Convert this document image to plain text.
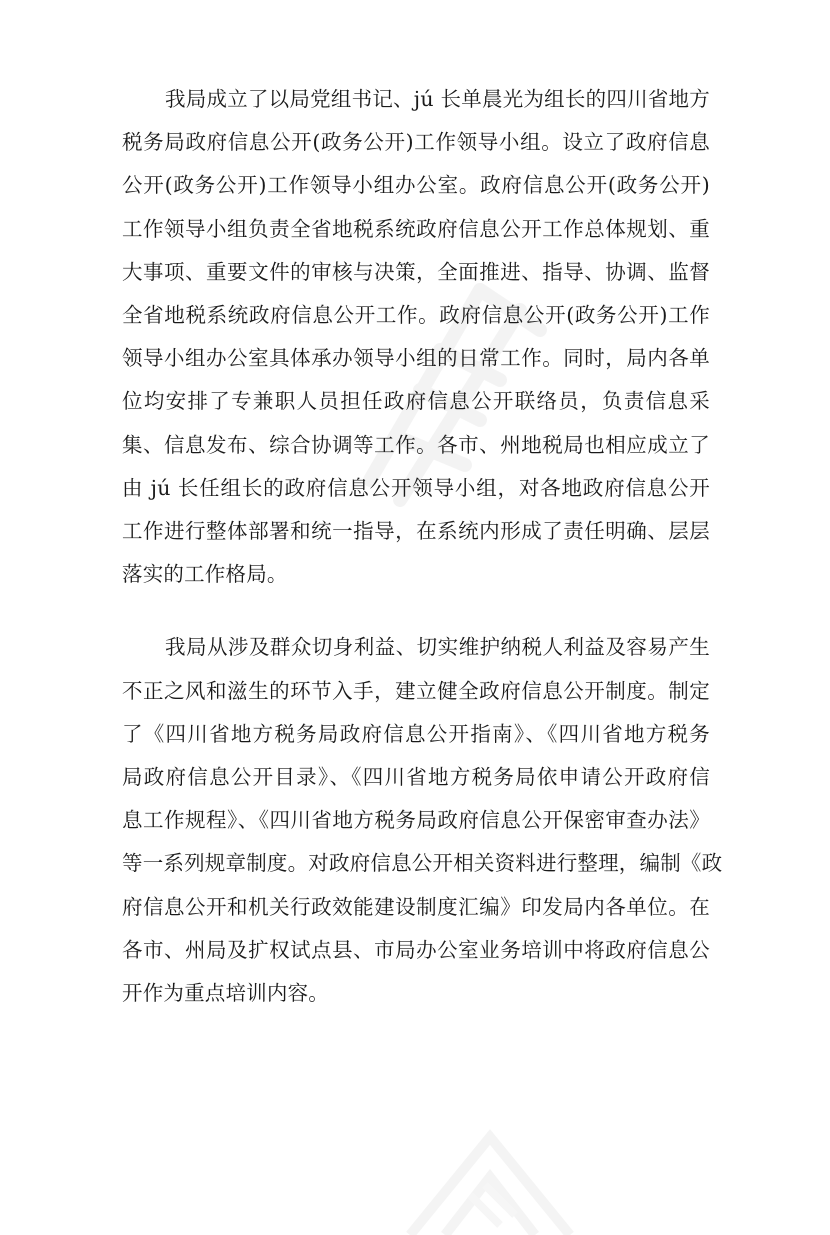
我局成立了以局党组书记、jú 长单晨光为组长的四川省地方
税务局政府信息公开(政务公开)工作领导小组。设立了政府信息
公开(政务公开)工作领导小组办公室。政府信息公开(政务公开)
工作领导小组负责全省地税系统政府信息公开工作总体规划、重
大事项、重要文件的审核与决策，全面推进、指导、协调、监督
全省地税系统政府信息公开工作。政府信息公开(政务公开)工作
领导小组办公室具体承办领导小组的日常工作。同时，局内各单
位均安排了专兼职人员担任政府信息公开联络员，负责信息采
集、信息发布、综合协调等工作。各市、州地税局也相应成立了
由 jú 长任组长的政府信息公开领导小组，对各地政府信息公开
工作进行整体部署和统一指导，在系统内形成了责任明确、层层
落实的工作格局。
我局从涉及群众切身利益、切实维护纳税人利益及容易产生
不正之风和滋生的环节入手，建立健全政府信息公开制度。制定
了《四川省地方税务局政府信息公开指南》、《四川省地方税务
局政府信息公开目录》、《四川省地方税务局依申请公开政府信
息工作规程》、《四川省地方税务局政府信息公开保密审查办法》
等一系列规章制度。对政府信息公开相关资料进行整理，编制《政
府信息公开和机关行政效能建设制度汇编》印发局内各单位。在
各市、州局及扩权试点县、市局办公室业务培训中将政府信息公
开作为重点培训内容。
